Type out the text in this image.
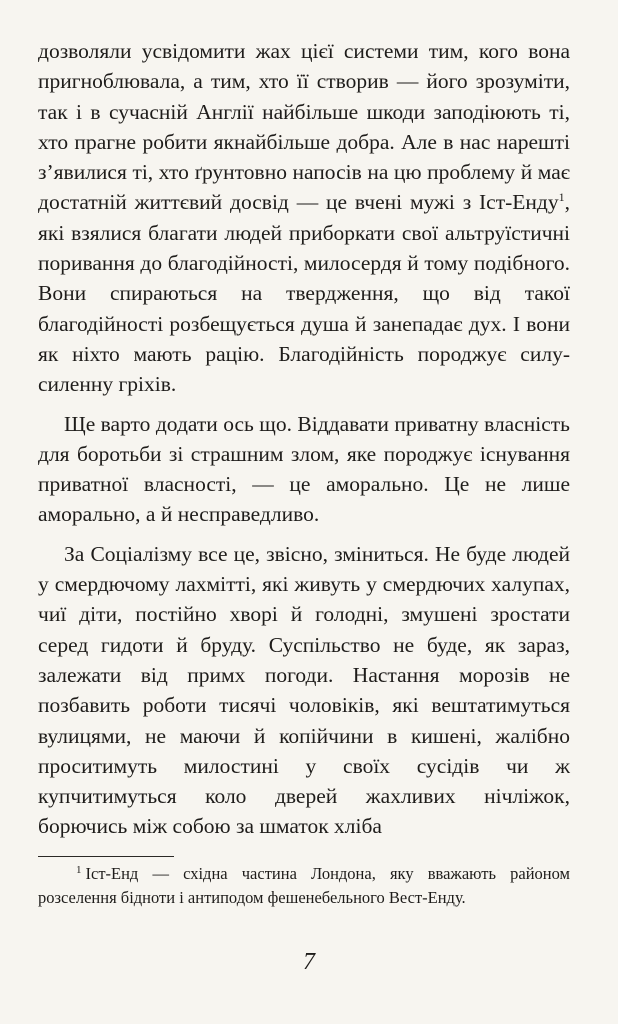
дозволяли усвідомити жах цієї системи тим, кого вона пригноблювала, а тим, хто її створив — його зрозуміти, так і в сучасній Англії найбільше шкоди заподіюють ті, хто прагне робити якнайбільше добра. Але в нас нарешті з’явилися ті, хто ґрунтовно напосів на цю проблему й має достатній життєвий досвід — це вчені мужі з Іст-Енду$^1$, які взялися благати людей приборкати свої альтруїстичні поривання до благодійності, милосердя й тому подібного. Вони спираються на твердження, що від такої благодійності розбещується душа й занепадає дух. І вони як ніхто мають рацію. Благодійність породжує силу-силенну гріхів.

Ще варто додати ось що. Віддавати приватну власність для боротьби зі страшним злом, яке породжує існування приватної власності, — це аморально. Це не лише аморально, а й несправедливо.

За Соціалізму все це, звісно, зміниться. Не буде людей у смердючому лахмітті, які живуть у смердючих халупах, чиї діти, постійно хворі й голодні, змушені зростати серед гидоти й бруду. Суспільство не буде, як зараз, залежати від примх погоди. Настання морозів не позбавить роботи тисячі чоловіків, які вештатимуться вулицями, не маючи й копійчини в кишені, жалібно проситимуть милостині у своїх сусідів чи ж купчитимуться коло дверей жахливих нічліжок, борючись між собою за шматок хліба

$^1$ Іст-Енд — східна частина Лондона, яку вважають районом розселення бідноти і антиподом фешенебельного Вест-Енду.

7
